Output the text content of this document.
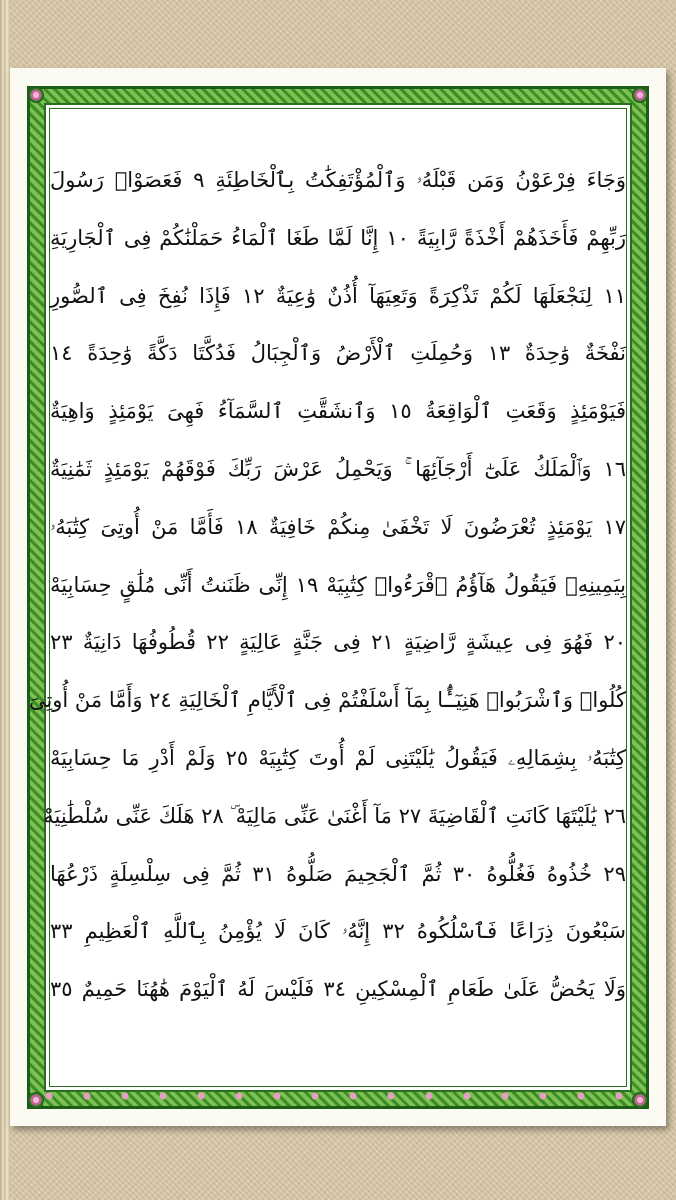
وَجَاءَ فِرْعَوْنُ وَمَن قَبْلَهُۥ وَٱلْمُؤْتَفِكَٰتُ بِٱلْخَاطِئَةِ ٩ فَعَصَوْا۟ رَسُولَ
رَبِّهِمْ فَأَخَذَهُمْ أَخْذَةً رَّابِيَةً ١٠ إِنَّا لَمَّا طَغَا ٱلْمَاءُ حَمَلْنَٰكُمْ فِى ٱلْجَارِيَةِ
١١ لِنَجْعَلَهَا لَكُمْ تَذْكِرَةً وَتَعِيَهَآ أُذُنٌ وَٰعِيَةٌ ١٢ فَإِذَا نُفِخَ فِى ٱلصُّورِ
نَفْخَةٌ وَٰحِدَةٌ ١٣ وَحُمِلَتِ ٱلْأَرْضُ وَٱلْجِبَالُ فَدُكَّتَا دَكَّةً وَٰحِدَةً ١٤
فَيَوْمَئِذٍ وَقَعَتِ ٱلْوَاقِعَةُ ١٥ وَٱنشَقَّتِ ٱلسَّمَآءُ فَهِىَ يَوْمَئِذٍ وَاهِيَةٌ
١٦ وَٱلْمَلَكُ عَلَىٰٓ أَرْجَآئِهَا ۚ وَيَحْمِلُ عَرْشَ رَبِّكَ فَوْقَهُمْ يَوْمَئِذٍ ثَمَٰنِيَةٌ
١٧ يَوْمَئِذٍ تُعْرَضُونَ لَا تَخْفَىٰ مِنكُمْ خَافِيَةٌ ١٨ فَأَمَّا مَنْ أُوتِىَ كِتَٰبَهُۥ
بِيَمِينِهِۦ فَيَقُولُ هَآؤُمُ ٱقْرَءُوا۟ كِتَٰبِيَهْ ١٩ إِنِّى ظَنَنتُ أَنِّى مُلَٰقٍ حِسَابِيَهْ
٢٠ فَهُوَ فِى عِيشَةٍ رَّاضِيَةٍ ٢١ فِى جَنَّةٍ عَالِيَةٍ ٢٢ قُطُوفُهَا دَانِيَةٌ ٢٣
كُلُوا۟ وَٱشْرَبُوا۟ هَنِيٓـًٔۢا بِمَآ أَسْلَفْتُمْ فِى ٱلْأَيَّامِ ٱلْخَالِيَةِ ٢٤ وَأَمَّا مَنْ أُوتِىَ
كِتَٰبَهُۥ بِشِمَالِهِۦ فَيَقُولُ يَٰلَيْتَنِى لَمْ أُوتَ كِتَٰبِيَهْ ٢٥ وَلَمْ أَدْرِ مَا حِسَابِيَهْ
٢٦ يَٰلَيْتَهَا كَانَتِ ٱلْقَاضِيَةَ ٢٧ مَآ أَغْنَىٰ عَنِّى مَالِيَهْ ۜ ٢٨ هَلَكَ عَنِّى سُلْطَٰنِيَهْ
٢٩ خُذُوهُ فَغُلُّوهُ ٣٠ ثُمَّ ٱلْجَحِيمَ صَلُّوهُ ٣١ ثُمَّ فِى سِلْسِلَةٍ ذَرْعُهَا
سَبْعُونَ ذِرَاعًا فَٱسْلُكُوهُ ٣٢ إِنَّهُۥ كَانَ لَا يُؤْمِنُ بِٱللَّهِ ٱلْعَظِيمِ ٣٣
وَلَا يَحُضُّ عَلَىٰ طَعَامِ ٱلْمِسْكِينِ ٣٤ فَلَيْسَ لَهُ ٱلْيَوْمَ هَٰهُنَا حَمِيمٌ ٣٥
